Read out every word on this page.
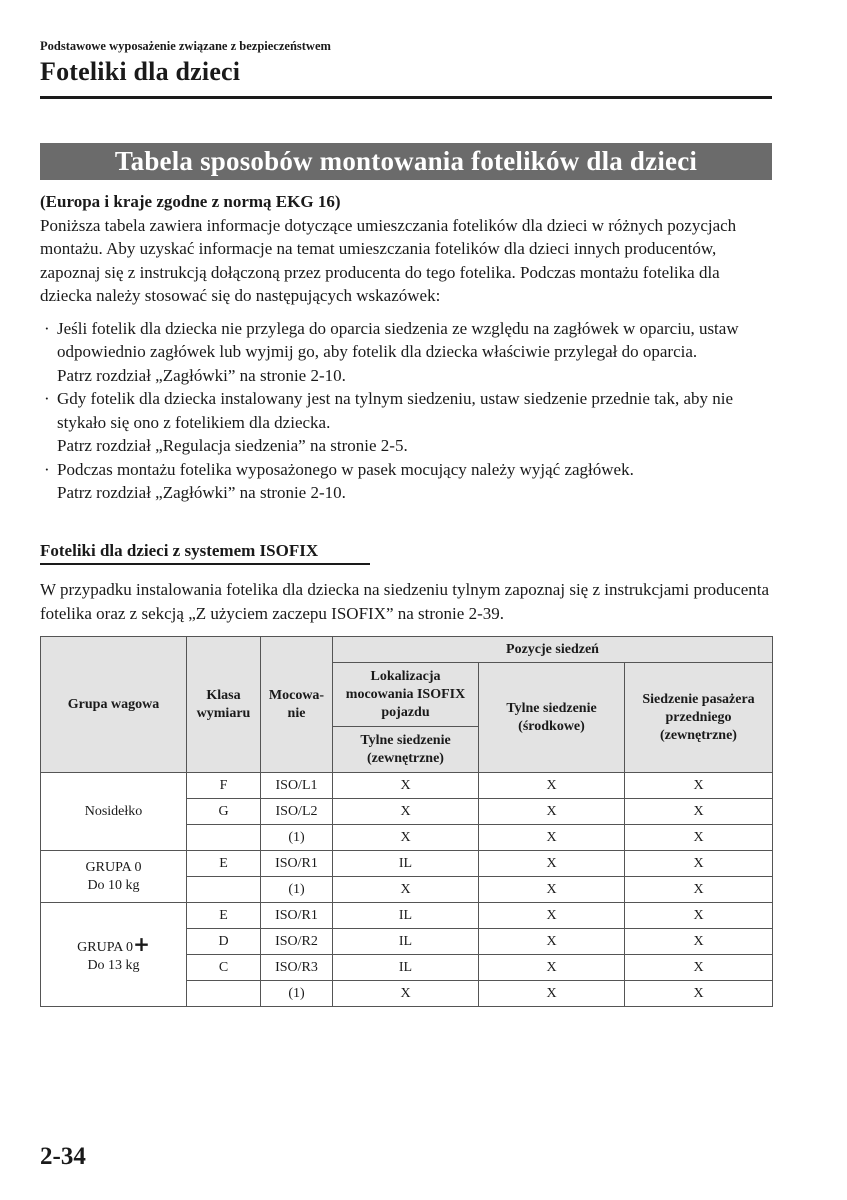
Podstawowe wyposażenie związane z bezpieczeństwem
Foteliki dla dzieci
Tabela sposobów montowania fotelików dla dzieci

(Europa i kraje zgodne z normą EKG 16)

Poniższa tabela zawiera informacje dotyczące umieszczania fotelików dla dzieci w różnych pozycjach montażu. Aby uzyskać informacje na temat umieszczania fotelików dla dzieci innych producentów, zapoznaj się z instrukcją dołączoną przez producenta do tego fotelika. Podczas montażu fotelika dla dziecka należy stosować się do następujących wskazówek:

· Jeśli fotelik dla dziecka nie przylega do oparcia siedzenia ze względu na zagłówek w oparciu, ustaw odpowiednio zagłówek lub wyjmij go, aby fotelik dla dziecka właściwie przylegał do oparcia.
Patrz rozdział „Zagłówki” na stronie 2-10.
· Gdy fotelik dla dziecka instalowany jest na tylnym siedzeniu, ustaw siedzenie przednie tak, aby nie stykało się ono z fotelikiem dla dziecka.
Patrz rozdział „Regulacja siedzenia” na stronie 2-5.
· Podczas montażu fotelika wyposażonego w pasek mocujący należy wyjąć zagłówek.
Patrz rozdział „Zagłówki” na stronie 2-10.
Foteliki dla dzieci z systemem ISOFIX
W przypadku instalowania fotelika dla dziecka na siedzeniu tylnym zapoznaj się z instrukcjami producenta fotelika oraz z sekcją „Z użyciem zaczepu ISOFIX” na stronie 2-39.
Grupa wagowa	Klasa wymiaru	Mocowa-nie	Pozycje siedzeń		
			Lokalizacja mocowania ISOFIX pojazdu	Tylne siedzenie (środkowe)	Siedzenie pasażera przedniego (zewnętrzne)
			Tylne siedzenie (zewnętrzne)		
Nosidełko	F	ISO/L1	X	X	X
	G	ISO/L2	X	X	X
		(1)	X	X	X
GRUPA 0
Do 10 kg	E	ISO/R1	IL	X	X
		(1)	X	X	X
GRUPA 0+
Do 13 kg	E	ISO/R1	IL	X	X
	D	ISO/R2	IL	X	X
	C	ISO/R3	IL	X	X
		(1)	X	X	X
2-34
